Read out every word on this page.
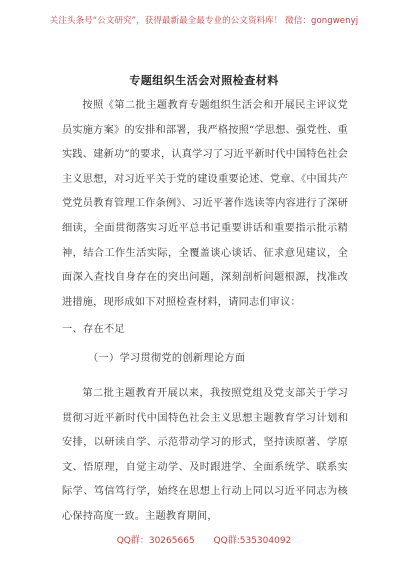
关注头条号“公文研究”，获得最新最全最专业的公文资料库！ 微信：gongwenyj
专题组织生活会对照检查材料
按照《第二批主题教育专题组织生活会和开展民主评议党员实施方案》的安排和部署，我严格按照“学思想、强党性、重实践、建新功”的要求，认真学习了习近平新时代中国特色社会主义思想，对习近平关于党的建设重要论述、党章、《中国共产党党员教育管理工作条例》、习近平著作选读等内容进行了深研细读，全面贯彻落实习近平总书记重要讲话和重要指示批示精神，结合工作生活实际，全覆盖谈心谈话、征求意见建议，全面深入查找自身存在的突出问题，深刻剖析问题根源，找准改进措施，现形成如下对照检查材料，请同志们审议：
一、存在不足
（一）学习贯彻党的创新理论方面
第二批主题教育开展以来，我按照党组及党支部关于学习贯彻习近平新时代中国特色社会主义思想主题教育学习计划和安排，以研读自学、示范带动学习的形式，坚持读原著、学原文、悟原理，自觉主动学、及时跟进学、全面系统学、联系实际学、笃信笃行学，始终在思想上行动上同以习近平同志为核心保持高度一致。主题教育期间，
QQ群：30265665 QQ群:535304092
